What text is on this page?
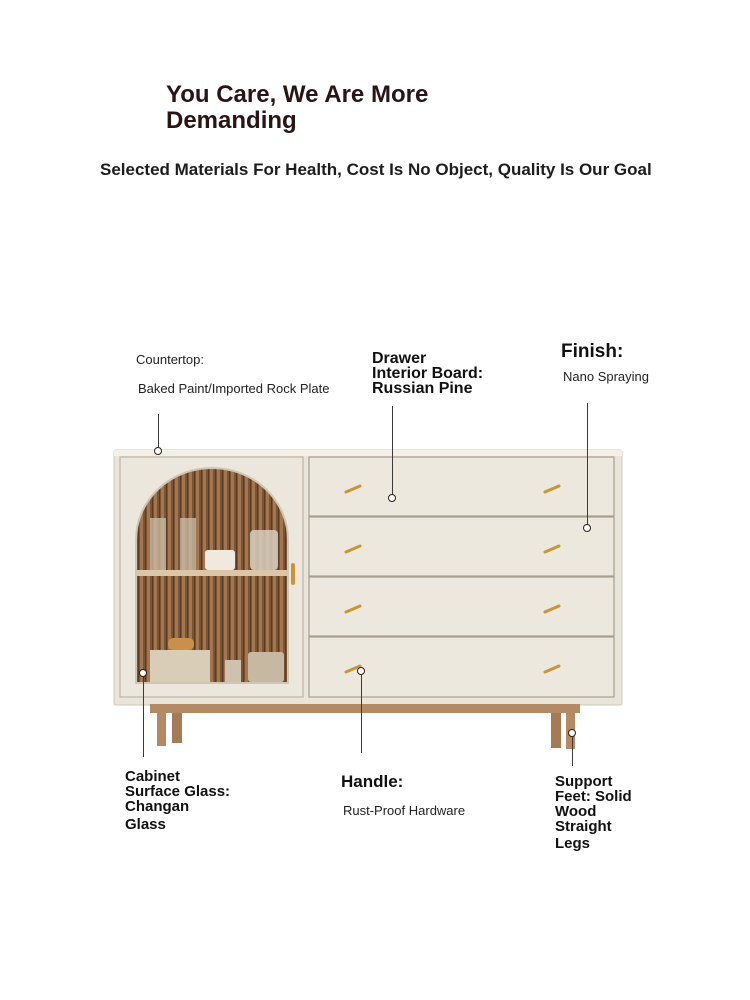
You Care, We Are More
Demanding
Selected Materials For Health, Cost Is No Object, Quality Is Our Goal
Countertop:
Baked Paint/Imported Rock Plate
Drawer
Interior Board:
Russian Pine
Finish:
Nano Spraying
Cabinet
Surface Glass:
Changan
Glass
Handle:
Rust-Proof Hardware
Support
Feet: Solid
Wood
Straight
Legs
